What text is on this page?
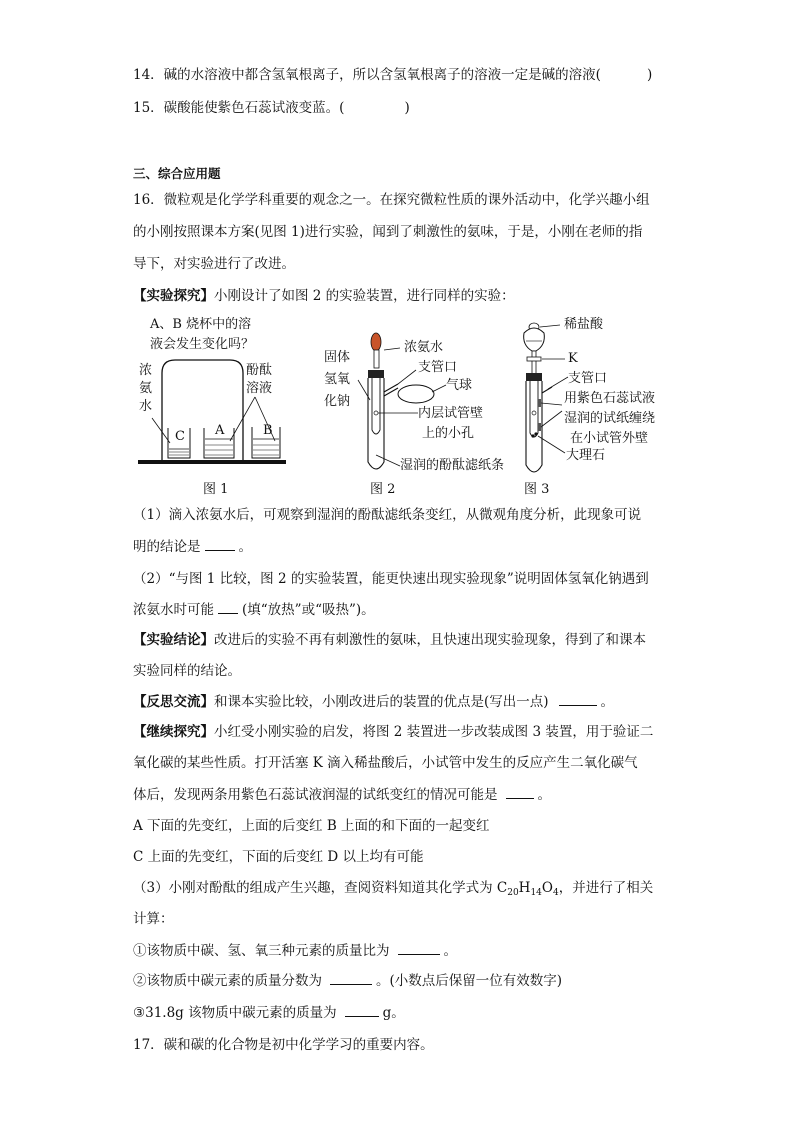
14．碱的水溶液中都含氢氧根离子，所以含氢氧根离子的溶液一定是碱的溶液(	)
15．碳酸能使紫色石蕊试液变蓝。(	)
三、综合应用题
16．微粒观是化学学科重要的观念之一。在探究微粒性质的课外活动中，化学兴趣小组
的小刚按照课本方案(见图 1)进行实验，闻到了刺激性的氨味，于是，小刚在老师的指
导下，对实验进行了改进。
【实验探究】小刚设计了如图 2 的实验装置，进行同样的实验：
A、B 烧杯中的溶
液会发生变化吗？
浓
氨
水
酚酞
溶液
C A	B
图 1
固体
氢氧
化钠
浓氨水
支管口
气球
内层试管壁
上的小孔
湿润的酚酞滤纸条
图 2
稀盐酸
K
支管口
用紫色石蕊试液
湿润的试纸缠绕
在小试管外壁
大理石
图 3
（1）滴入浓氨水后，可观察到湿润的酚酞滤纸条变红，从微观角度分析，此现象可说
明的结论是	。
（2）“与图 1 比较，图 2 的实验装置，能更快速出现实验现象”说明固体氢氧化钠遇到
浓氨水时可能 (填“放热”或“吸热”)。
【实验结论】改进后的实验不再有刺激性的氨味，且快速出现实验现象，得到了和课本
实验同样的结论。
【反思交流】和课本实验比较，小刚改进后的装置的优点是(写出一点)	。
【继续探究】小红受小刚实验的启发，将图 2 装置进一步改装成图 3 装置，用于验证二
氧化碳的某些性质。打开活塞 K 滴入稀盐酸后，小试管中发生的反应产生二氧化碳气
体后，发现两条用紫色石蕊试液润湿的试纸变红的情况可能是	。
A 下面的先变红，上面的后变红 B 上面的和下面的一起变红
C 上面的先变红，下面的后变红 D 以上均有可能
（3）小刚对酚酞的组成产生兴趣，查阅资料知道其化学式为 $C_{20}H_{14}O_4$，并进行了相关
计算：
①该物质中碳、氢、氧三种元素的质量比为	。
②该物质中碳元素的质量分数为	。(小数点后保留一位有效数字)
③31.8g 该物质中碳元素的质量为	g。
17．碳和碳的化合物是初中化学学习的重要内容。
